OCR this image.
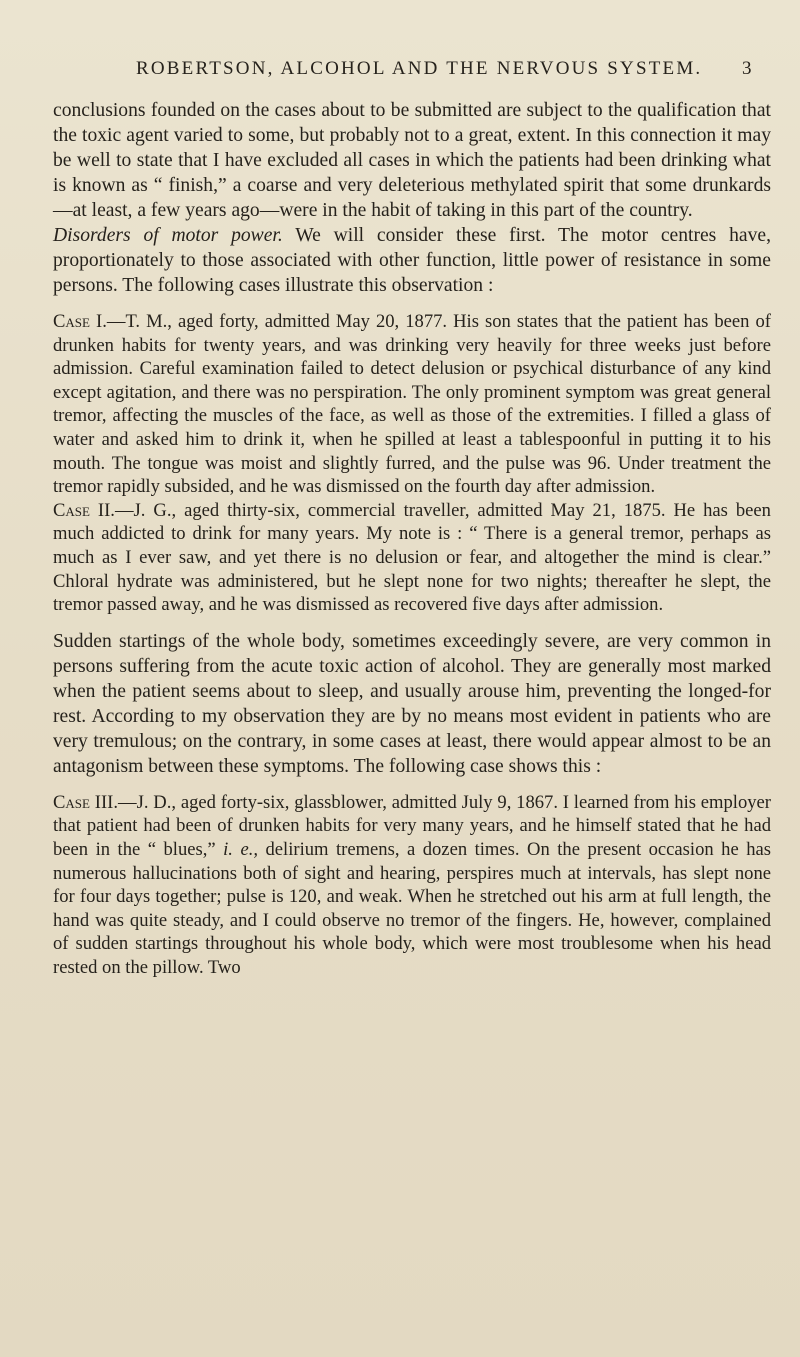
ROBERTSON, ALCOHOL AND THE NERVOUS SYSTEM. 3

conclusions founded on the cases about to be submitted are subject to the qualification that the toxic agent varied to some, but probably not to a great, extent. In this connection it may be well to state that I have excluded all cases in which the patients had been drinking what is known as “ finish,” a coarse and very deleterious methylated spirit that some drunkards—at least, a few years ago—were in the habit of taking in this part of the country.

Disorders of motor power. We will consider these first. The motor centres have, proportionately to those associated with other function, little power of resistance in some persons. The following cases illustrate this observation :

Case I.—T. M., aged forty, admitted May 20, 1877. His son states that the patient has been of drunken habits for twenty years, and was drinking very heavily for three weeks just before admission. Careful examination failed to detect delusion or psychical disturbance of any kind except agitation, and there was no perspiration. The only prominent symptom was great general tremor, affecting the muscles of the face, as well as those of the extremities. I filled a glass of water and asked him to drink it, when he spilled at least a tablespoonful in putting it to his mouth. The tongue was moist and slightly furred, and the pulse was 96. Under treatment the tremor rapidly subsided, and he was dismissed on the fourth day after admission.

Case II.—J. G., aged thirty-six, commercial traveller, admitted May 21, 1875. He has been much addicted to drink for many years. My note is : “ There is a general tremor, perhaps as much as I ever saw, and yet there is no delusion or fear, and altogether the mind is clear.” Chloral hydrate was administered, but he slept none for two nights; thereafter he slept, the tremor passed away, and he was dismissed as recovered five days after admission.

Sudden startings of the whole body, sometimes exceedingly severe, are very common in persons suffering from the acute toxic action of alcohol. They are generally most marked when the patient seems about to sleep, and usually arouse him, preventing the longed-for rest. According to my observation they are by no means most evident in patients who are very tremulous; on the contrary, in some cases at least, there would appear almost to be an antagonism between these symptoms. The following case shows this :

Case III.—J. D., aged forty-six, glassblower, admitted July 9, 1867. I learned from his employer that patient had been of drunken habits for very many years, and he himself stated that he had been in the “ blues,” i. e., delirium tremens, a dozen times. On the present occasion he has numerous hallucinations both of sight and hearing, perspires much at intervals, has slept none for four days together; pulse is 120, and weak. When he stretched out his arm at full length, the hand was quite steady, and I could observe no tremor of the fingers. He, however, complained of sudden startings throughout his whole body, which were most troublesome when his head rested on the pillow. Two
